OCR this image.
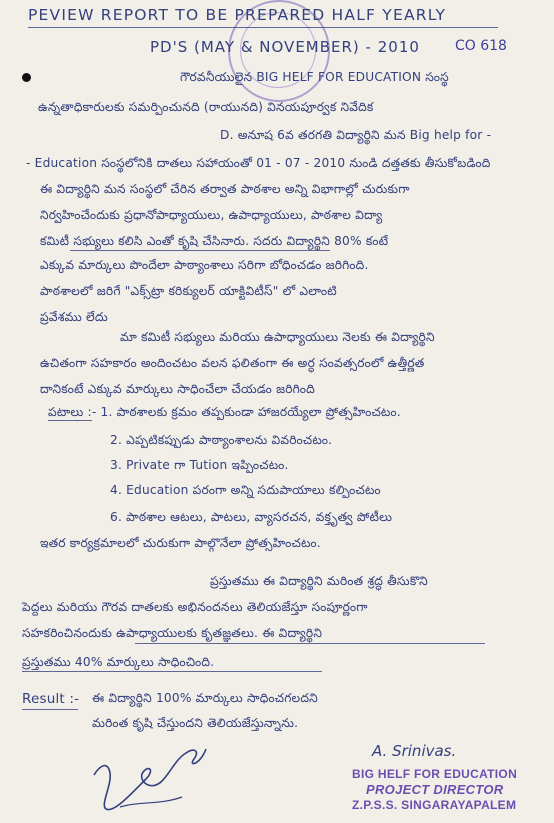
PEVIEW REPORT TO BE PREPARED HALF YEARLY
PD'S (MAY & NOVEMBER) - 2010	CO 618
గౌరవనీయులైన BIG HELF FOR EDUCATION సంస్థ
ఉన్నతాధికారులకు సమర్పించునది (రాయునది) వినయపూర్వక నివేదిక
D. అనూష 6వ తరగతి విద్యార్థిని మన Big help for -
- Education సంస్థలోనికి దాతలు సహాయంతో 01 - 07 - 2010 నుండి దత్తతకు తీసుకోబడింది
ఈ విద్యార్థిని మన సంస్థలో చేరిన తర్వాత పాఠశాల అన్ని విభాగాల్లో చురుకుగా
నిర్వహించేందుకు ప్రధానోపాధ్యాయులు, ఉపాధ్యాయులు, పాఠశాల విద్యా
కమిటీ సభ్యులు కలిసి ఎంతో కృషి చేసినారు. సదరు విద్యార్థిని 80% కంటే
ఎక్కువ మార్కులు పొందేలా పాఠ్యాంశాలు సరిగా బోధించడం జరిగింది.
పాఠశాలలో జరిగే "ఎక్స్‌ట్రా కరిక్యులర్ యాక్టివిటీస్" లో ఎలాంటి
ప్రవేశము లేదు
మా కమిటీ సభ్యులు మరియు ఉపాధ్యాయులు నెలకు ఈ విద్యార్థిని
ఉచితంగా సహకారం అందించటం వలన ఫలితంగా ఈ అర్ధ సంవత్సరంలో ఉత్తీర్ణత
దానికంటే ఎక్కువ మార్కులు సాధించేలా చేయడం జరిగింది
పటాలు :- 1. పాఠశాలకు క్రమం తప్పకుండా హాజరయ్యేలా ప్రోత్సహించటం.
2. ఎప్పటికప్పుడు పాఠ్యాంశాలను వివరించటం.
3. Private గా Tution ఇప్పించటం.
4. Education పరంగా అన్ని సదుపాయాలు కల్పించటం
6. పాఠశాల ఆటలు, పాటలు, వ్యాసరచన, వక్తృత్వ పోటీలు
ఇతర కార్యక్రమాలలో చురుకుగా పాల్గొనేలా ప్రోత్సహించటం.
ప్రస్తుతము ఈ విద్యార్థిని మరింత శ్రద్ధ తీసుకొని
పెద్దలు మరియు గౌరవ దాతలకు అభినందనలు తెలియజేస్తూ సంపూర్ణంగా
సహకరించినందుకు ఉపాధ్యాయులకు కృతజ్ఞతలు. ఈ విద్యార్థిని
ప్రస్తుతము 40% మార్కులు సాధించింది.
Result :- ఈ విద్యార్థిని 100% మార్కులు సాధించగలదని
మరింత కృషి చేస్తుందని తెలియజేస్తున్నాను.
A. Srinivas.
BIG HELF FOR EDUCATION
PROJECT DIRECTOR
Z.P.S.S. SINGARAYAPALEM
